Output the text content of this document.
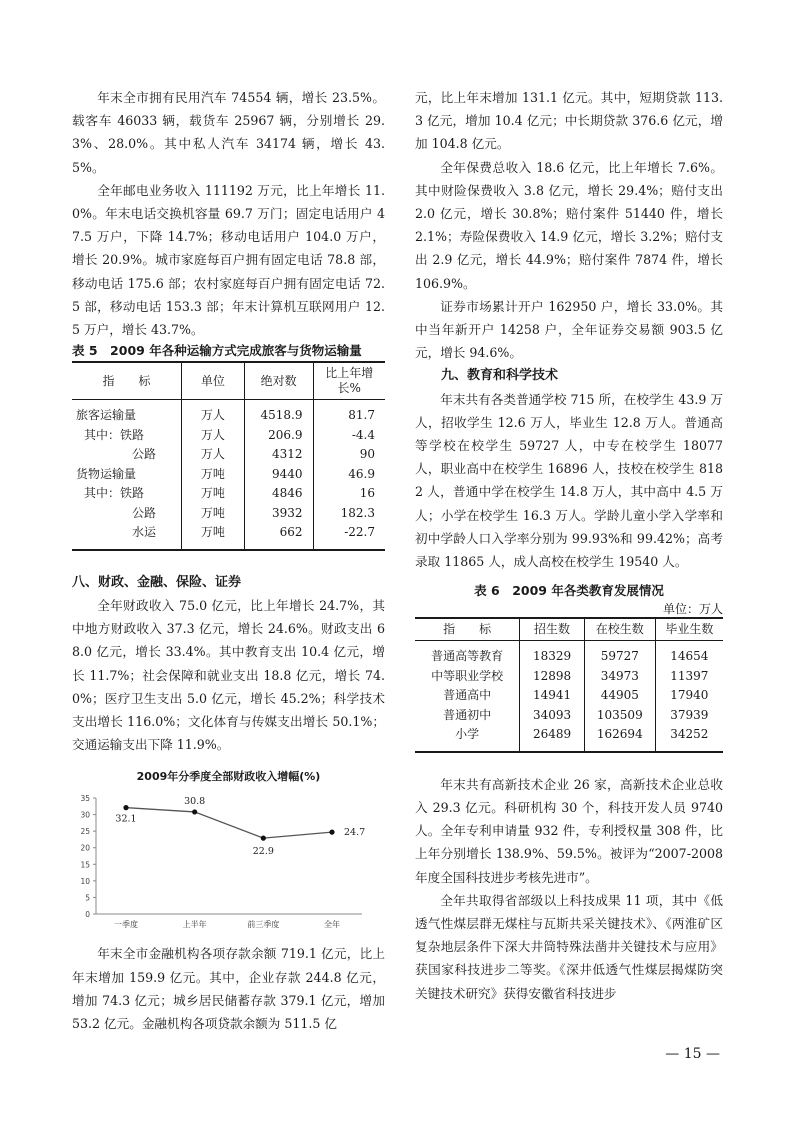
年末全市拥有民用汽车 74554 辆，增长 23.5%。载客车 46033 辆，载货车 25967 辆，分别增长 29.3%、28.0%。其中私人汽车 34174 辆，增长 43.5%。

全年邮电业务收入 111192 万元，比上年增长 11.0%。年末电话交换机容量 69.7 万门；固定电话用户 47.5 万户，下降 14.7%；移动电话用户 104.0 万户，增长 20.9%。城市家庭每百户拥有固定电话 78.8 部，移动电话 175.6 部；农村家庭每百户拥有固定电话 72.5 部，移动电话 153.3 部；年末计算机互联网用户 12.5 万户，增长 43.7%。

表 5　2009 年各种运输方式完成旅客与货物运输量

指　　标	单位	绝对数	比上年增长%
旅客运输量	万人	4518.9	81.7
其中：铁路	万人	206.9	-4.4
公路	万人	4312	90
货物运输量	万吨	9440	46.9
其中：铁路	万吨	4846	16
公路	万吨	3932	182.3
水运	万吨	662	-22.7

八、财政、金融、保险、证券

全年财政收入 75.0 亿元，比上年增长 24.7%，其中地方财政收入 37.3 亿元，增长 24.6%。财政支出 68.0 亿元，增长 33.4%。其中教育支出 10.4 亿元，增长 11.7%；社会保障和就业支出 18.8 亿元，增长 74.0%；医疗卫生支出 5.0 亿元，增长 45.2%；科学技术支出增长 116.0%；文化体育与传媒支出增长 50.1%；交通运输支出下降 11.9%。

2009年分季度全部财政收入增幅(%)

0
5
10
15
20
25
30
35
一季度	上半年	前三季度	全年
32.1
30.8
22.9
24.7

年末全市金融机构各项存款余额 719.1 亿元，比上年末增加 159.9 亿元。其中，企业存款 244.8 亿元，增加 74.3 亿元；城乡居民储蓄存款 379.1 亿元，增加 53.2 亿元。金融机构各项贷款余额为 511.5 亿

元，比上年末增加 131.1 亿元。其中，短期贷款 113.3 亿元，增加 10.4 亿元；中长期贷款 376.6 亿元，增加 104.8 亿元。

全年保费总收入 18.6 亿元，比上年增长 7.6%。其中财险保费收入 3.8 亿元，增长 29.4%；赔付支出 2.0 亿元，增长 30.8%；赔付案件 51440 件，增长 2.1%；寿险保费收入 14.9 亿元，增长 3.2%；赔付支出 2.9 亿元，增长 44.9%；赔付案件 7874 件，增长 106.9%。

证券市场累计开户 162950 户，增长 33.0%。其中当年新开户 14258 户，全年证券交易额 903.5 亿元，增长 94.6%。

九、教育和科学技术

年末共有各类普通学校 715 所，在校学生 43.9 万人，招收学生 12.6 万人，毕业生 12.8 万人。普通高等学校在校学生 59727 人，中专在校学生 18077 人，职业高中在校学生 16896 人，技校在校学生 8182 人，普通中学在校学生 14.8 万人，其中高中 4.5 万人；小学在校学生 16.3 万人。学龄儿童小学入学率和初中学龄人口入学率分别为 99.93%和 99.42%；高考录取 11865 人，成人高校在校学生 19540 人。

表 6　2009 年各类教育发展情况

单位：万人

指　　标	招生数	在校生数	毕业生数
普通高等教育	18329	59727	14654
中等职业学校	12898	34973	11397
普通高中	14941	44905	17940
普通初中	34093	103509	37939
小学	26489	162694	34252

年末共有高新技术企业 26 家，高新技术企业总收入 29.3 亿元。科研机构 30 个，科技开发人员 9740 人。全年专利申请量 932 件，专利授权量 308 件，比上年分别增长 138.9%、59.5%。被评为“2007-2008 年度全国科技进步考核先进市”。

全年共取得省部级以上科技成果 11 项，其中《低透气性煤层群无煤柱与瓦斯共采关键技术》、《两淮矿区复杂地层条件下深大井筒特殊法凿井关键技术与应用》获国家科技进步二等奖。《深井低透气性煤层揭煤防突关键技术研究》获得安徽省科技进步

— 15 —
